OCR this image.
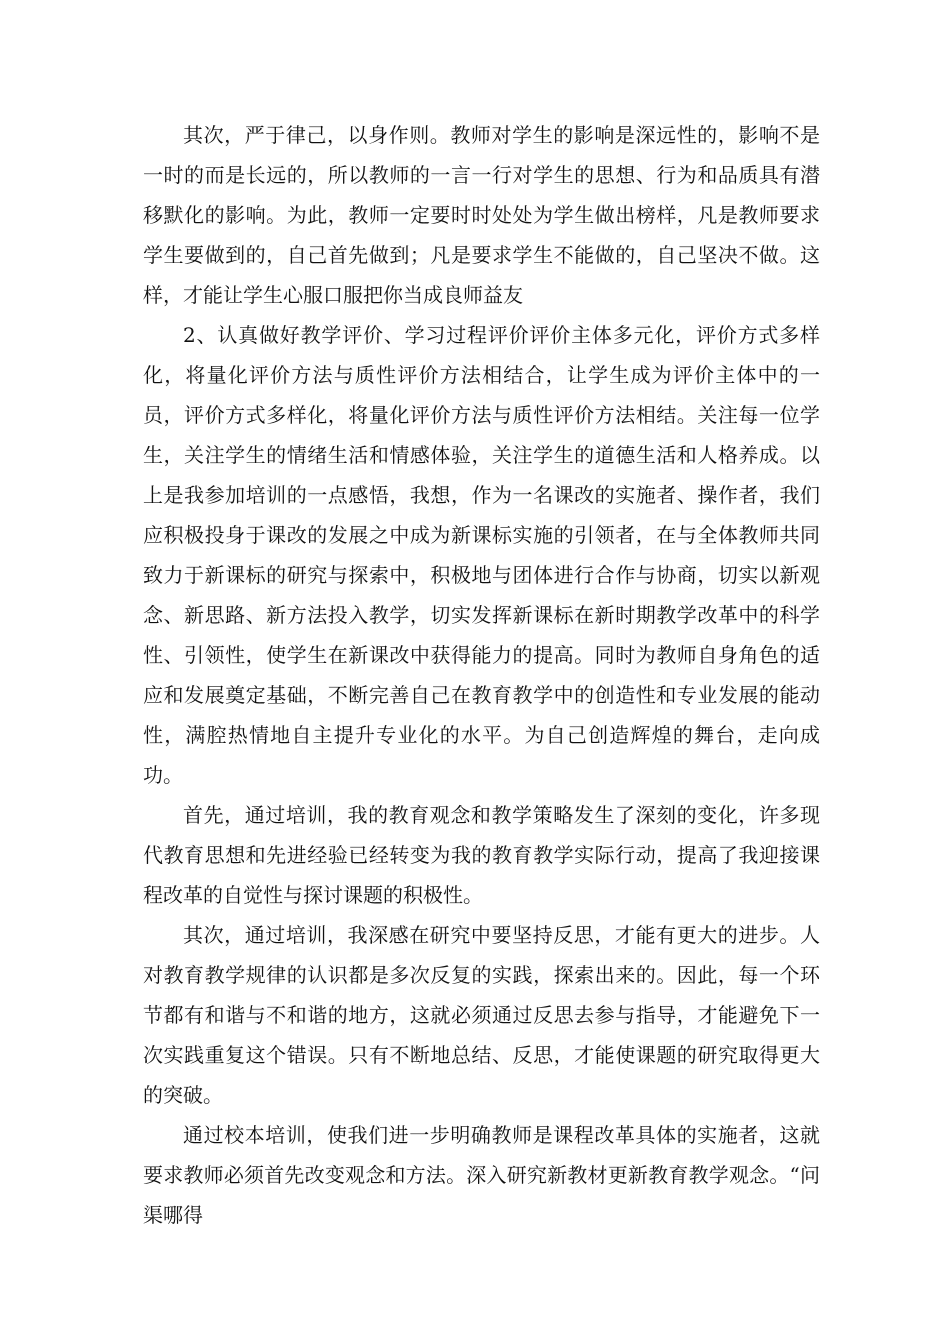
其次，严于律己，以身作则。教师对学生的影响是深远性的，影响不是一时的而是长远的，所以教师的一言一行对学生的思想、行为和品质具有潜移默化的影响。为此，教师一定要时时处处为学生做出榜样，凡是教师要求学生要做到的，自己首先做到；凡是要求学生不能做的，自己坚决不做。这样，才能让学生心服口服把你当成良师益友

2、认真做好教学评价、学习过程评价评价主体多元化，评价方式多样化，将量化评价方法与质性评价方法相结合，让学生成为评价主体中的一员，评价方式多样化，将量化评价方法与质性评价方法相结。关注每一位学生，关注学生的情绪生活和情感体验，关注学生的道德生活和人格养成。以上是我参加培训的一点感悟，我想，作为一名课改的实施者、操作者，我们应积极投身于课改的发展之中成为新课标实施的引领者，在与全体教师共同致力于新课标的研究与探索中，积极地与团体进行合作与协商，切实以新观念、新思路、新方法投入教学，切实发挥新课标在新时期教学改革中的科学性、引领性，使学生在新课改中获得能力的提高。同时为教师自身角色的适应和发展奠定基础，不断完善自己在教育教学中的创造性和专业发展的能动性，满腔热情地自主提升专业化的水平。为自己创造辉煌的舞台，走向成功。

首先，通过培训，我的教育观念和教学策略发生了深刻的变化，许多现代教育思想和先进经验已经转变为我的教育教学实际行动，提高了我迎接课程改革的自觉性与探讨课题的积极性。

其次，通过培训，我深感在研究中要坚持反思，才能有更大的进步。人对教育教学规律的认识都是多次反复的实践，探索出来的。因此，每一个环节都有和谐与不和谐的地方，这就必须通过反思去参与指导，才能避免下一次实践重复这个错误。只有不断地总结、反思，才能使课题的研究取得更大的突破。

通过校本培训，使我们进一步明确教师是课程改革具体的实施者，这就要求教师必须首先改变观念和方法。深入研究新教材更新教育教学观念。“问渠哪得
